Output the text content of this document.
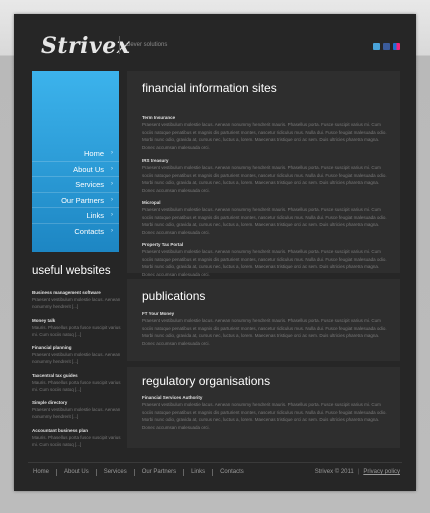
Strivex
clever solutions
Home ›
About Us ›
Services ›
Our Partners ›
Links ›
Contacts ›
useful websites
Business management software
Praesent vestibulum molestie lacus. Aenean nonummy hendrerit [...]
Money talk
Mauris. Phasellus porta fusce suscipit varius mi. Cum sociis natoq [...]
Financial planning
Praesent vestibulum molestie lacus. Aenean nonummy hendrerit [...]
Taxcentral tax guides
Mauris. Phasellus porta fusce suscipit varius mi. Cum sociis natoq [...]
Simple directory
Praesent vestibulum molestie lacus. Aenean nonummy hendrerit [...]
Accountant business plan
Mauris. Phasellus porta fusce suscipit varius mi. Cum sociis natoq [...]
financial information sites
Term Insurance
Praesent vestibulum molestie lacus. Aenean nonummy hendrerit mauris. Phasellus porta. Fusce suscipit varius mi. Cum sociis natoque penatibus et magnis dis parturient montes, nascetur ridiculus mus. Nulla dui. Fusce feugiat malesuada odio. Morbi nunc odio, gravida at, cursus nec, luctus a, lorem. Maecenas tristique orci ac sem. Duis ultricies pharetra magna. Donec accumsan malesuada orci.
IRS treasury
Praesent vestibulum molestie lacus. Aenean nonummy hendrerit mauris. Phasellus porta. Fusce suscipit varius mi. Cum sociis natoque penatibus et magnis dis parturient montes, nascetur ridiculus mus. Nulla dui. Fusce feugiat malesuada odio. Morbi nunc odio, gravida at, cursus nec, luctus a, lorem. Maecenas tristique orci ac sem. Duis ultricies pharetra magna. Donec accumsan malesuada orci.
Micropal
Praesent vestibulum molestie lacus. Aenean nonummy hendrerit mauris. Phasellus porta. Fusce suscipit varius mi. Cum sociis natoque penatibus et magnis dis parturient montes, nascetur ridiculus mus. Nulla dui. Fusce feugiat malesuada odio. Morbi nunc odio, gravida at, cursus nec, luctus a, lorem. Maecenas tristique orci ac sem. Duis ultricies pharetra magna. Donec accumsan malesuada orci.
Property Tax Portal
Praesent vestibulum molestie lacus. Aenean nonummy hendrerit mauris. Phasellus porta. Fusce suscipit varius mi. Cum sociis natoque penatibus et magnis dis parturient montes, nascetur ridiculus mus. Nulla dui. Fusce feugiat malesuada odio. Morbi nunc odio, gravida at, cursus nec, luctus a, lorem. Maecenas tristique orci ac sem. Duis ultricies pharetra magna. Donec accumsan malesuada orci.
publications
FT Your Money
Praesent vestibulum molestie lacus. Aenean nonummy hendrerit mauris. Phasellus porta. Fusce suscipit varius mi. Cum sociis natoque penatibus et magnis dis parturient montes, nascetur ridiculus mus. Nulla dui. Fusce feugiat malesuada odio. Morbi nunc odio, gravida at, cursus nec, luctus a, lorem. Maecenas tristique orci ac sem. Duis ultricies pharetra magna. Donec accumsan malesuada orci.
regulatory organisations
Financial Services Authority
Praesent vestibulum molestie lacus. Aenean nonummy hendrerit mauris. Phasellus porta. Fusce suscipit varius mi. Cum sociis natoque penatibus et magnis dis parturient montes, nascetur ridiculus mus. Nulla dui. Fusce feugiat malesuada odio. Morbi nunc odio, gravida at, cursus nec, luctus a, lorem. Maecenas tristique orci ac sem. Duis ultricies pharetra magna. Donec accumsan malesuada orci.
Home	About Us	Services	Our Partners	Links	Contacts	Strivex © 2011 | Privacy policy
